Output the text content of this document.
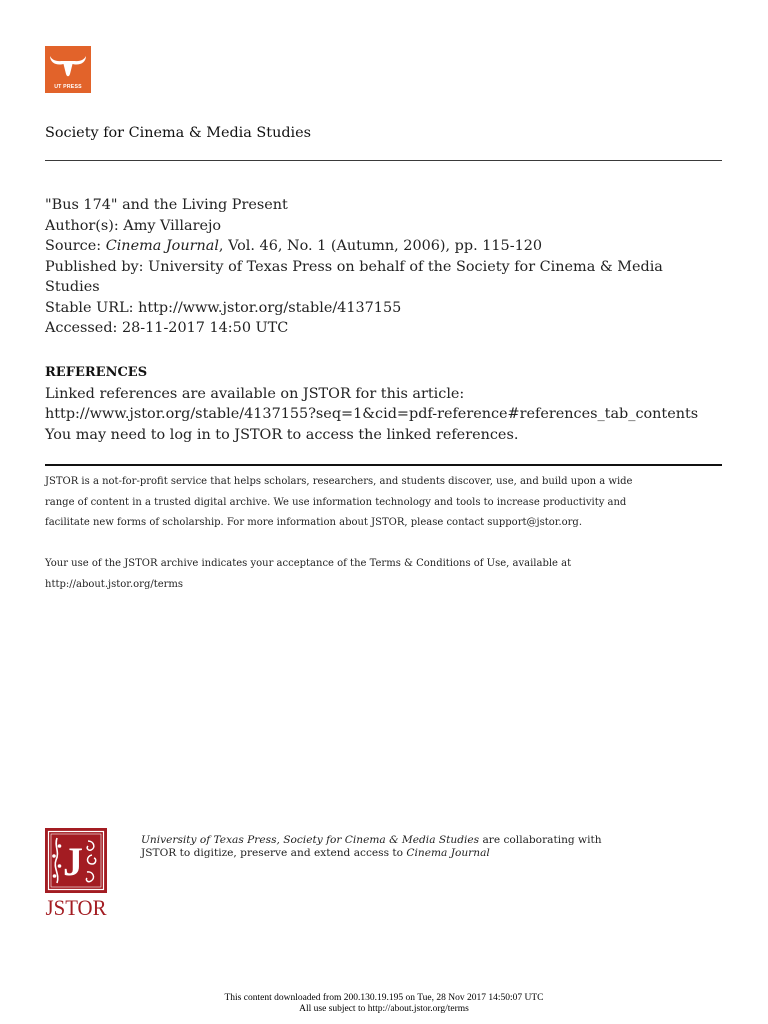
UT PRESS
Society for Cinema & Media Studies
"Bus 174" and the Living Present
Author(s): Amy Villarejo
Source: Cinema Journal, Vol. 46, No. 1 (Autumn, 2006), pp. 115-120
Published by: University of Texas Press on behalf of the Society for Cinema & Media
Studies
Stable URL: http://www.jstor.org/stable/4137155
Accessed: 28-11-2017 14:50 UTC
REFERENCES
Linked references are available on JSTOR for this article:
http://www.jstor.org/stable/4137155?seq=1&cid=pdf-reference#references_tab_contents
You may need to log in to JSTOR to access the linked references.
JSTOR is a not-for-profit service that helps scholars, researchers, and students discover, use, and build upon a wide
range of content in a trusted digital archive. We use information technology and tools to increase productivity and
facilitate new forms of scholarship. For more information about JSTOR, please contact support@jstor.org.
Your use of the JSTOR archive indicates your acceptance of the Terms & Conditions of Use, available at
http://about.jstor.org/terms
J
JSTOR
University of Texas Press, Society for Cinema & Media Studies are collaborating with
JSTOR to digitize, preserve and extend access to Cinema Journal
This content downloaded from 200.130.19.195 on Tue, 28 Nov 2017 14:50:07 UTC
All use subject to http://about.jstor.org/terms
